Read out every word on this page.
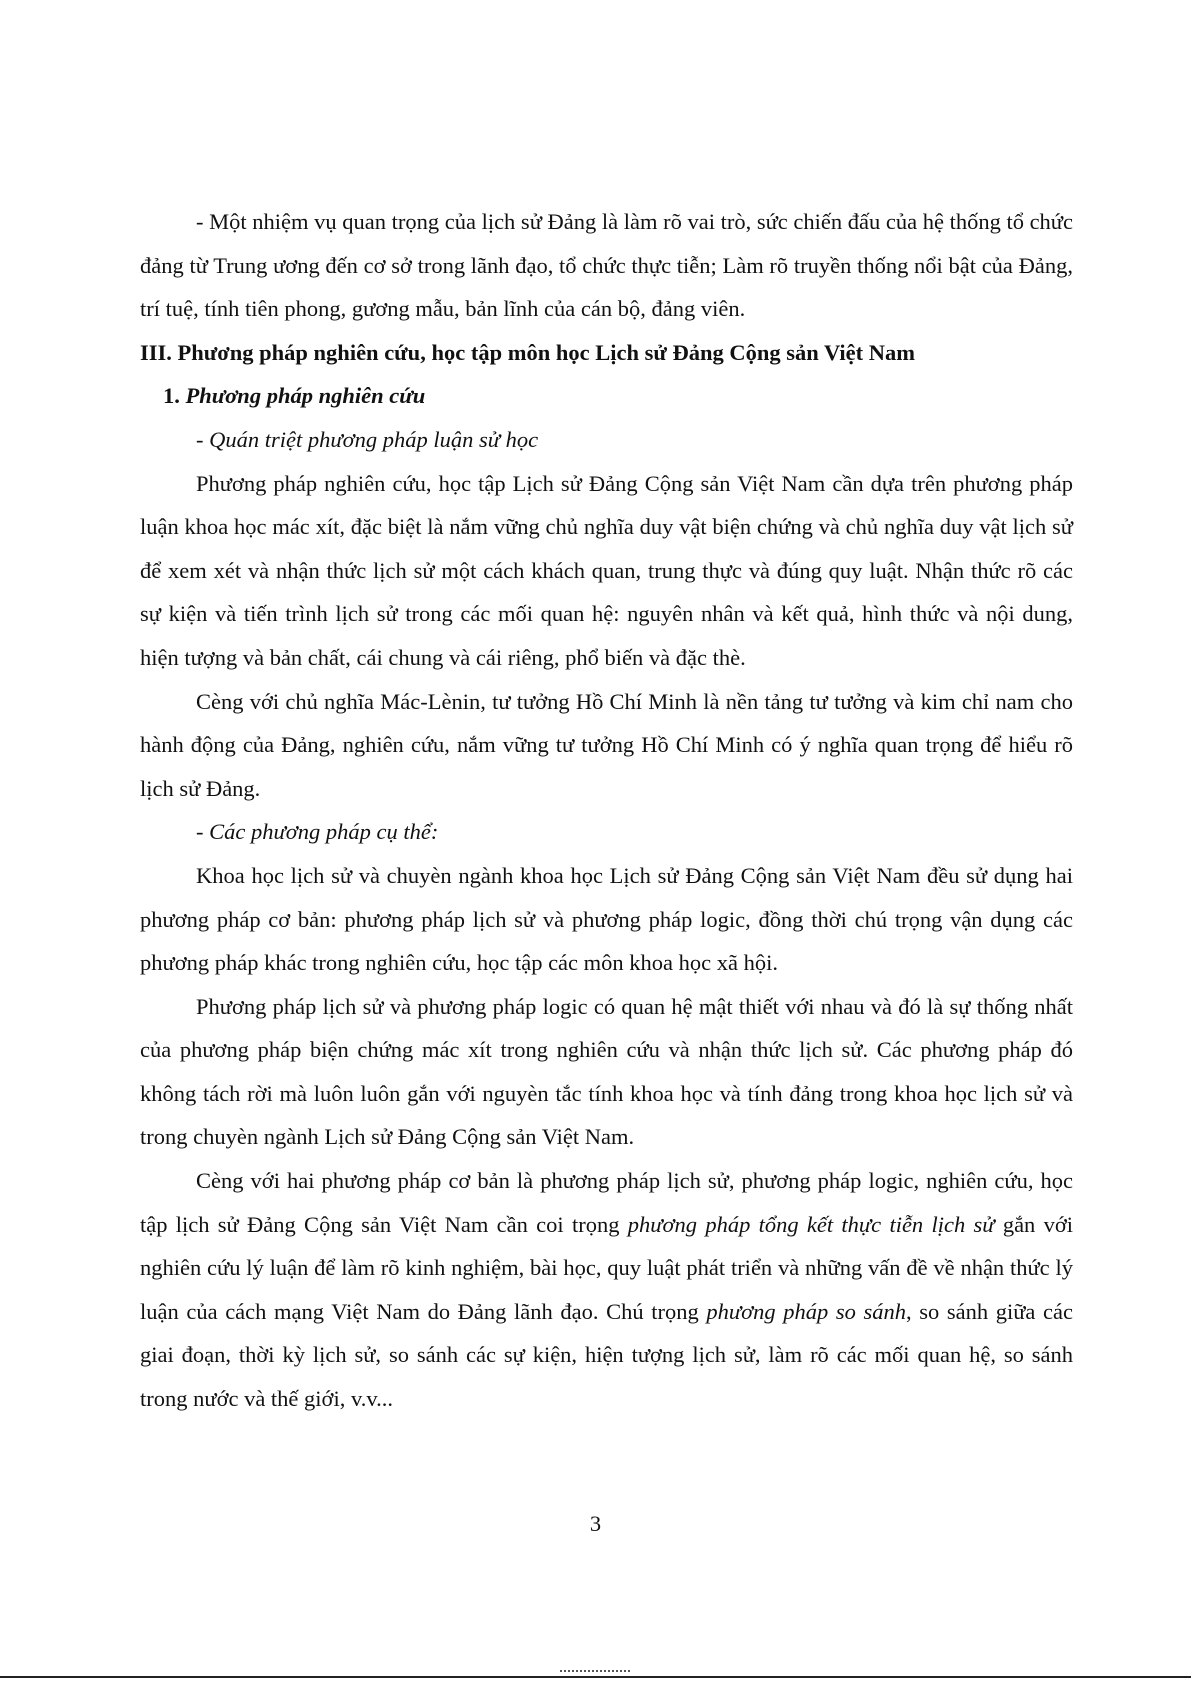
- Một nhiệm vụ quan trọng của lịch sử Đảng là làm rõ vai trò, sức chiến đấu của hệ thống tổ chức đảng từ Trung ương đến cơ sở trong lãnh đạo, tổ chức thực tiễn; Làm rõ truyền thống nổi bật của Đảng, trí tuệ, tính tiên phong, gương mẫu, bản lĩnh của cán bộ, đảng viên.

III. Phương pháp nghiên cứu, học tập môn học Lịch sử Đảng Cộng sản Việt Nam

1. Phương pháp nghiên cứu

- Quán triệt phương pháp luận sử học

Phương pháp nghiên cứu, học tập Lịch sử Đảng Cộng sản Việt Nam cần dựa trên phương pháp luận khoa học mác xít, đặc biệt là nắm vững chủ nghĩa duy vật biện chứng và chủ nghĩa duy vật lịch sử để xem xét và nhận thức lịch sử một cách khách quan, trung thực và đúng quy luật. Nhận thức rõ các sự kiện và tiến trình lịch sử trong các mối quan hệ: nguyên nhân và kết quả, hình thức và nội dung, hiện tượng và bản chất, cái chung và cái riêng, phổ biến và đặc thè.

Cèng với chủ nghĩa Mác-Lènin, tư tưởng Hồ Chí Minh là nền tảng tư tưởng và kim chỉ nam cho hành động của Đảng, nghiên cứu, nắm vững tư tưởng Hồ Chí Minh có ý nghĩa quan trọng để hiểu rõ lịch sử Đảng.

- Các phương pháp cụ thể:

Khoa học lịch sử và chuyèn ngành khoa học Lịch sử Đảng Cộng sản Việt Nam đều sử dụng hai phương pháp cơ bản: phương pháp lịch sử và phương pháp logic, đồng thời chú trọng vận dụng các phương pháp khác trong nghiên cứu, học tập các môn khoa học xã hội.

Phương pháp lịch sử và phương pháp logic có quan hệ mật thiết với nhau và đó là sự thống nhất của phương pháp biện chứng mác xít trong nghiên cứu và nhận thức lịch sử. Các phương pháp đó không tách rời mà luôn luôn gắn với nguyèn tắc tính khoa học và tính đảng trong khoa học lịch sử và trong chuyèn ngành Lịch sử Đảng Cộng sản Việt Nam.

Cèng với hai phương pháp cơ bản là phương pháp lịch sử, phương pháp logic, nghiên cứu, học tập lịch sử Đảng Cộng sản Việt Nam cần coi trọng phương pháp tổng kết thực tiễn lịch sử gắn với nghiên cứu lý luận để làm rõ kinh nghiệm, bài học, quy luật phát triển và những vấn đề về nhận thức lý luận của cách mạng Việt Nam do Đảng lãnh đạo. Chú trọng phương pháp so sánh, so sánh giữa các giai đoạn, thời kỳ lịch sử, so sánh các sự kiện, hiện tượng lịch sử, làm rõ các mối quan hệ, so sánh trong nước và thế giới, v.v...

3
